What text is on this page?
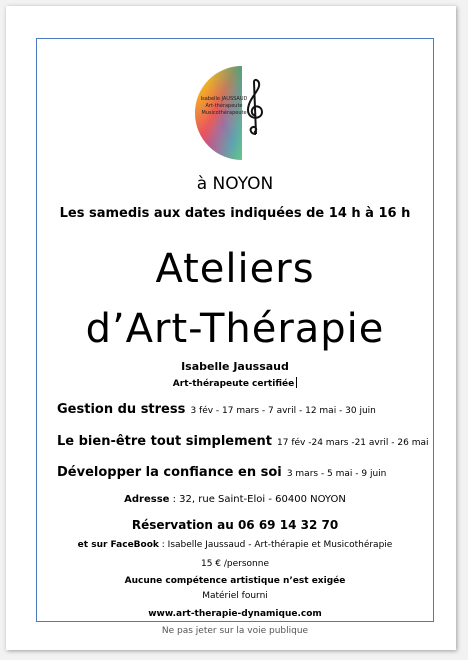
Isabelle JAUSSAUD
Art-thérapeute
Musicothérapeute
à NOYON
Les samedis aux dates indiquées de 14 h à 16 h
Ateliers
d’Art-Thérapie
Isabelle Jaussaud
Art-thérapeute certifiée
Gestion du stress 3 fév - 17 mars - 7 avril - 12 mai - 30 juin
Le bien-être tout simplement 17 fév -24 mars -21 avril - 26 mai
Développer la confiance en soi 3 mars - 5 mai - 9 juin
Adresse : 32, rue Saint-Eloi - 60400 NOYON
Réservation au 06 69 14 32 70
et sur FaceBook : Isabelle Jaussaud - Art-thérapie et Musicothérapie
15 € /personne
Aucune compétence artistique n’est exigée
Matériel fourni
www.art-therapie-dynamique.com
Ne pas jeter sur la voie publique
